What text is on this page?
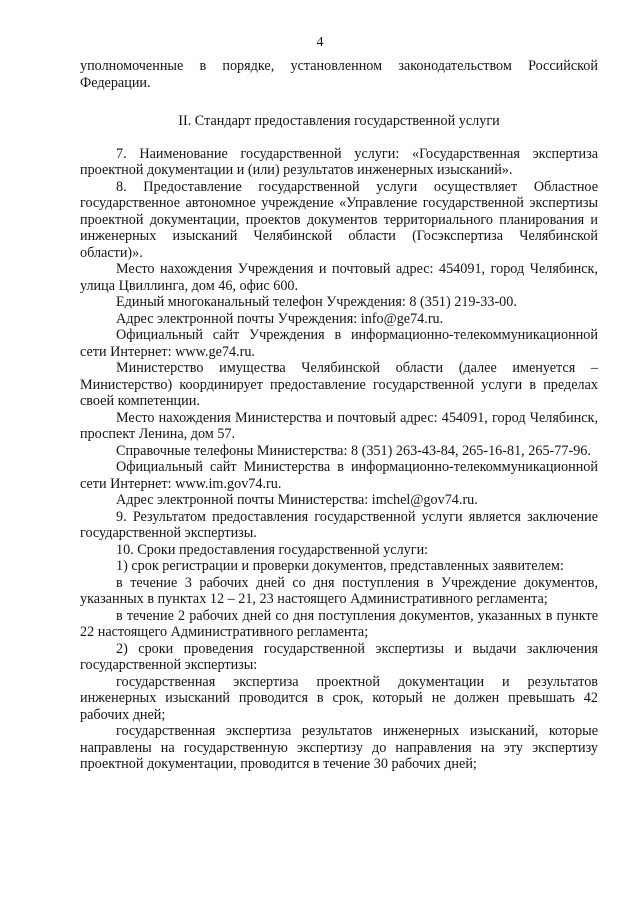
4

уполномоченные в порядке, установленном законодательством Российской Федерации.

II. Стандарт предоставления государственной услуги

7. Наименование государственной услуги: «Государственная экспертиза проектной документации и (или) результатов инженерных изысканий».

8. Предоставление государственной услуги осуществляет Областное государственное автономное учреждение «Управление государственной экспертизы проектной документации, проектов документов территориального планирования и инженерных изысканий Челябинской области (Госэкспертиза Челябинской области)».

Место нахождения Учреждения и почтовый адрес: 454091, город Челябинск, улица Цвиллинга, дом 46, офис 600.

Единый многоканальный телефон Учреждения: 8 (351) 219-33-00.

Адрес электронной почты Учреждения: info@ge74.ru.

Официальный сайт Учреждения в информационно-телекоммуникационной сети Интернет: www.ge74.ru.

Министерство имущества Челябинской области (далее именуется – Министерство) координирует предоставление государственной услуги в пределах своей компетенции.

Место нахождения Министерства и почтовый адрес: 454091, город Челябинск, проспект Ленина, дом 57.

Справочные телефоны Министерства: 8 (351) 263-43-84, 265-16-81, 265-77-96.

Официальный сайт Министерства в информационно-телекоммуникационной сети Интернет: www.im.gov74.ru.

Адрес электронной почты Министерства: imchel@gov74.ru.

9. Результатом предоставления государственной услуги является заключение государственной экспертизы.

10. Сроки предоставления государственной услуги:

1) срок регистрации и проверки документов, представленных заявителем:

в течение 3 рабочих дней со дня поступления в Учреждение документов, указанных в пунктах 12 – 21, 23 настоящего Административного регламента;

в течение 2 рабочих дней со дня поступления документов, указанных в пункте 22 настоящего Административного регламента;

2) сроки проведения государственной экспертизы и выдачи заключения государственной экспертизы:

государственная экспертиза проектной документации и результатов инженерных изысканий проводится в срок, который не должен превышать 42 рабочих дней;

государственная экспертиза результатов инженерных изысканий, которые направлены на государственную экспертизу до направления на эту экспертизу проектной документации, проводится в течение 30 рабочих дней;
